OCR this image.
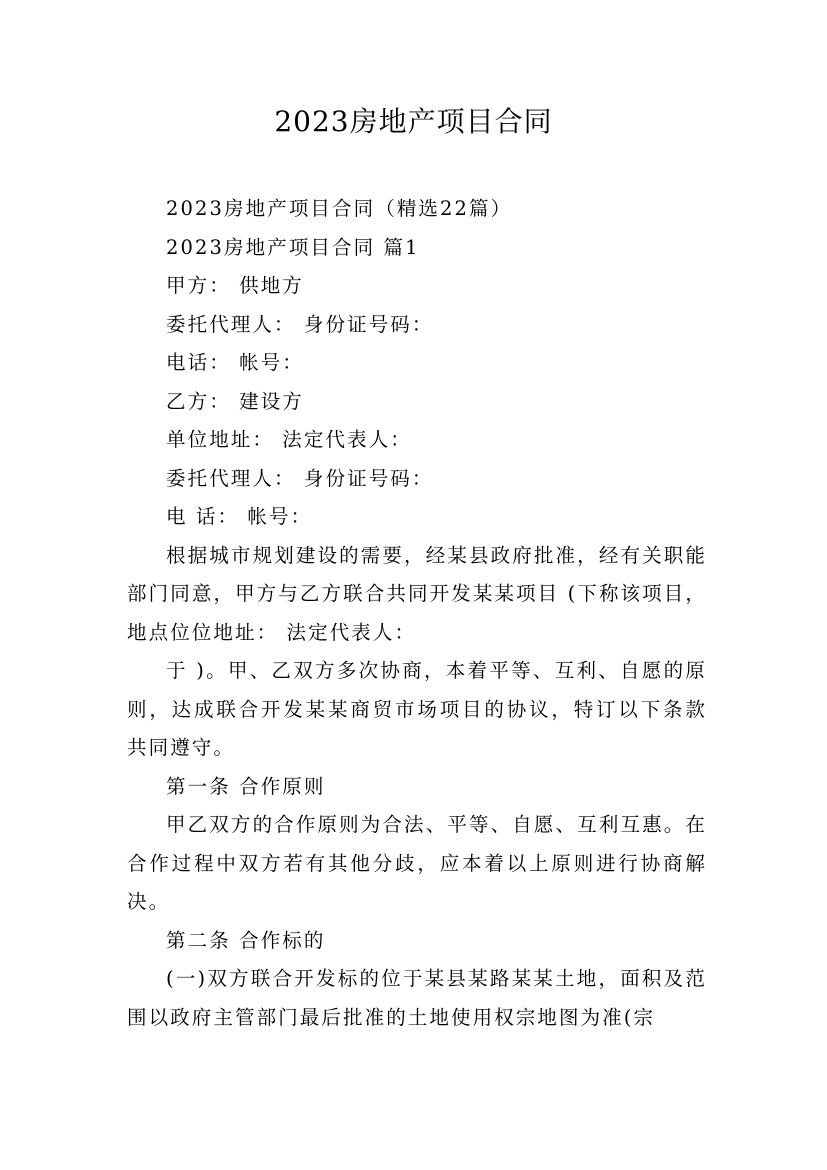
2023房地产项目合同

2023房地产项目合同（精选22篇）

2023房地产项目合同 篇1

甲方： 供地方

委托代理人： 身份证号码：

电话： 帐号：

乙方： 建设方

单位地址： 法定代表人：

委托代理人： 身份证号码：

电 话： 帐号：

根据城市规划建设的需要，经某县政府批准，经有关职能部门同意，甲方与乙方联合共同开发某某项目 (下称该项目，地点位位地址： 法定代表人：

于 )。甲、乙双方多次协商，本着平等、互利、自愿的原则，达成联合开发某某商贸市场项目的协议，特订以下条款共同遵守。

第一条 合作原则

甲乙双方的合作原则为合法、平等、自愿、互利互惠。在合作过程中双方若有其他分歧，应本着以上原则进行协商解决。

第二条 合作标的

(一)双方联合开发标的位于某县某路某某土地，面积及范围以政府主管部门最后批准的土地使用权宗地图为准(宗
